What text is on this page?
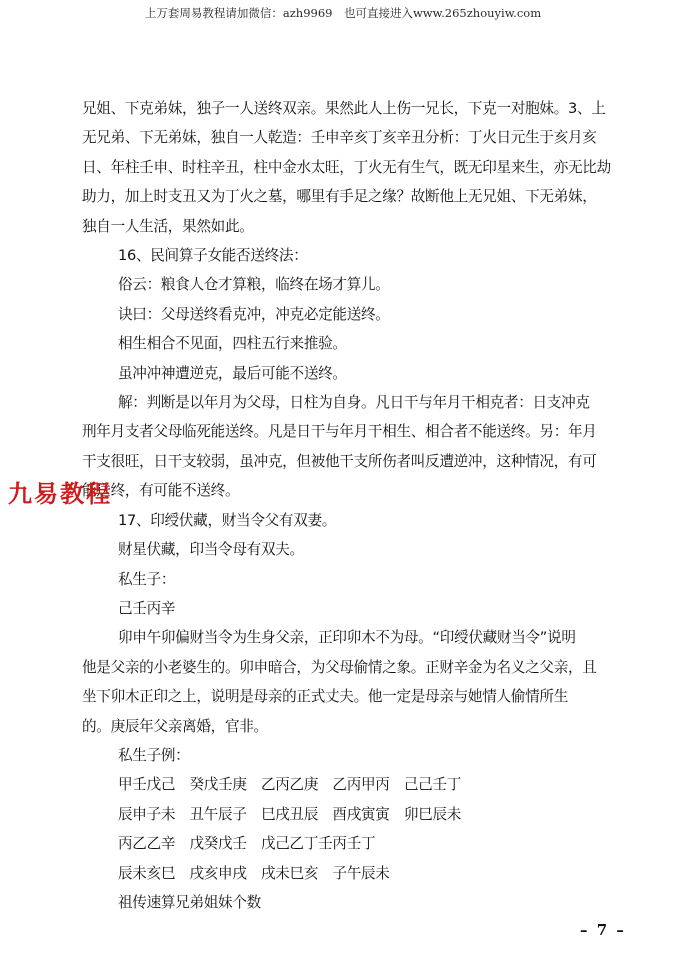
上万套周易教程请加微信：azh9969　也可直接进入www.265zhouyiw.com

兄姐、下克弟妹，独子一人送终双亲。果然此人上伤一兄长，下克一对胞妹。3、上

无兄弟、下无弟妹，独自一人乾造：壬申辛亥丁亥辛丑分析：丁火日元生于亥月亥

日、年柱壬申、时柱辛丑，柱中金水太旺，丁火无有生气，既无印星来生，亦无比劫

助力，加上时支丑又为丁火之墓，哪里有手足之缘？故断他上无兄姐、下无弟妹，

独自一人生活，果然如此。

16、民间算子女能否送终法：

俗云：粮食人仓才算粮，临终在场才算儿。

诀曰：父母送终看克冲，冲克必定能送终。

相生相合不见面，四柱五行来推验。

虽冲冲神遭逆克，最后可能不送终。

解：判断是以年月为父母，日柱为自身。凡日干与年月干相克者：日支冲克

刑年月支者父母临死能送终。凡是日干与年月干相生、相合者不能送终。另：年月

干支很旺，日干支较弱，虽冲克，但被他干支所伤者叫反遭逆冲，这种情况，有可

能送终，有可能不送终。

17、印绶伏藏，财当令父有双妻。

财星伏藏，印当令母有双夫。

私生子：

己壬丙辛

卯申午卯偏财当令为生身父亲，正印卯木不为母。“印绶伏藏财当令”说明

他是父亲的小老婆生的。卯申暗合，为父母偷情之象。正财辛金为名义之父亲，且

坐下卯木正印之上，说明是母亲的正式丈夫。他一定是母亲与她情人偷情所生

的。庚辰年父亲离婚，官非。

私生子例：

甲壬戊己　癸戊壬庚　乙丙乙庚　乙丙甲丙　己己壬丁

辰申子未　丑午辰子　巳戌丑辰　酉戌寅寅　卯巳辰未

丙乙乙辛　戊癸戊壬　戊己乙丁壬丙壬丁

辰未亥巳　戌亥申戌　戌未巳亥　子午辰未

祖传速算兄弟姐妹个数

九易教程
– 7 –
